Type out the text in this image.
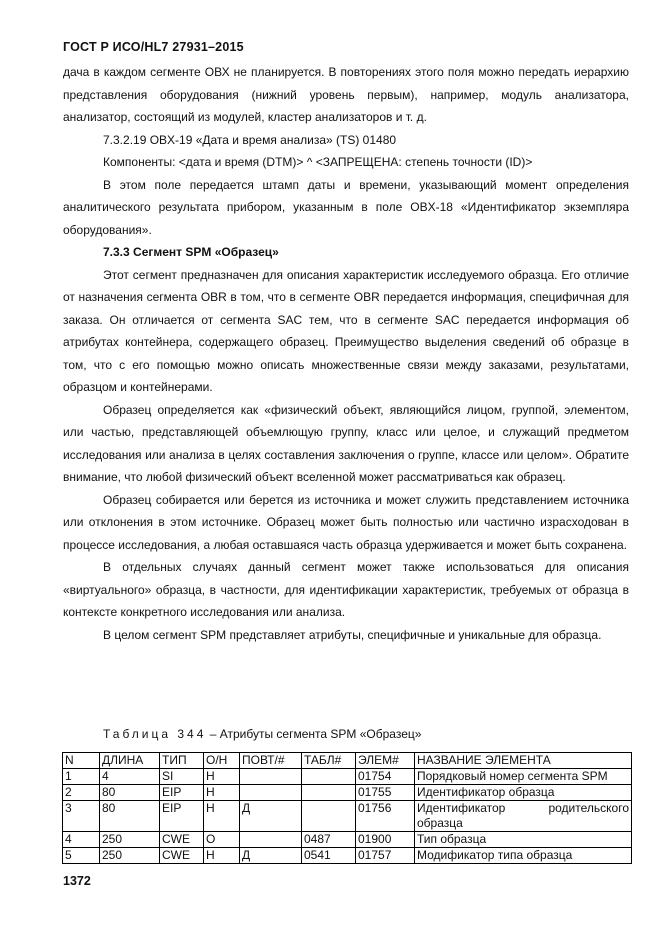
ГОСТ Р ИСО/HL7 27931–2015

дача в каждом сегменте ОВХ не планируется. В повторениях этого поля можно передать иерархию представления оборудования (нижний уровень первым), например, модуль анализатора, анализатор, состоящий из модулей, кластер анализаторов и т. д.

7.3.2.19 OBX-19 «Дата и время анализа» (TS) 01480

Компоненты: <дата и время (DTM)> ^ <ЗАПРЕЩЕНА: степень точности (ID)>

В этом поле передается штамп даты и времени, указывающий момент определения аналитического результата прибором, указанным в поле OBX-18 «Идентификатор экземпляра оборудования».

7.3.3 Сегмент SPM «Образец»

Этот сегмент предназначен для описания характеристик исследуемого образца. Его отличие от назначения сегмента OBR в том, что в сегменте OBR передается информация, специфичная для заказа. Он отличается от сегмента SAC тем, что в сегменте SAC передается информация об атрибутах контейнера, содержащего образец. Преимущество выделения сведений об образце в том, что с его помощью можно описать множественные связи между заказами, результатами, образцом и контейнерами.

Образец определяется как «физический объект, являющийся лицом, группой, элементом, или частью, представляющей объемлющую группу, класс или целое, и служащий предметом исследования или анализа в целях составления заключения о группе, классе или целом». Обратите внимание, что любой физический объект вселенной может рассматриваться как образец.

Образец собирается или берется из источника и может служить представлением источника или отклонения в этом источнике. Образец может быть полностью или частично израсходован в процессе исследования, а любая оставшаяся часть образца удерживается и может быть сохранена.

В отдельных случаях данный сегмент может также использоваться для описания «виртуального» образца, в частности, для идентификации характеристик, требуемых от образца в контексте конкретного исследования или анализа.

В целом сегмент SPM представляет атрибуты, специфичные и уникальные для образца.

Таблица 344 – Атрибуты сегмента SPM «Образец»
N	ДЛИНА	ТИП	О/Н	ПОВТ/#	ТАБЛ#	ЭЛЕМ#	НАЗВАНИЕ ЭЛЕМЕНТА
1	4	SI	Н			01754	Порядковый номер сегмента SPM
2	80	EIP	Н			01755	Идентификатор образца
3	80	EIP	Н	Д		01756	Идентификатор родительского
образца
4	250	CWE	О		0487	01900	Тип образца
5	250	CWE	Н	Д	0541	01757	Модификатор типа образца
1372
